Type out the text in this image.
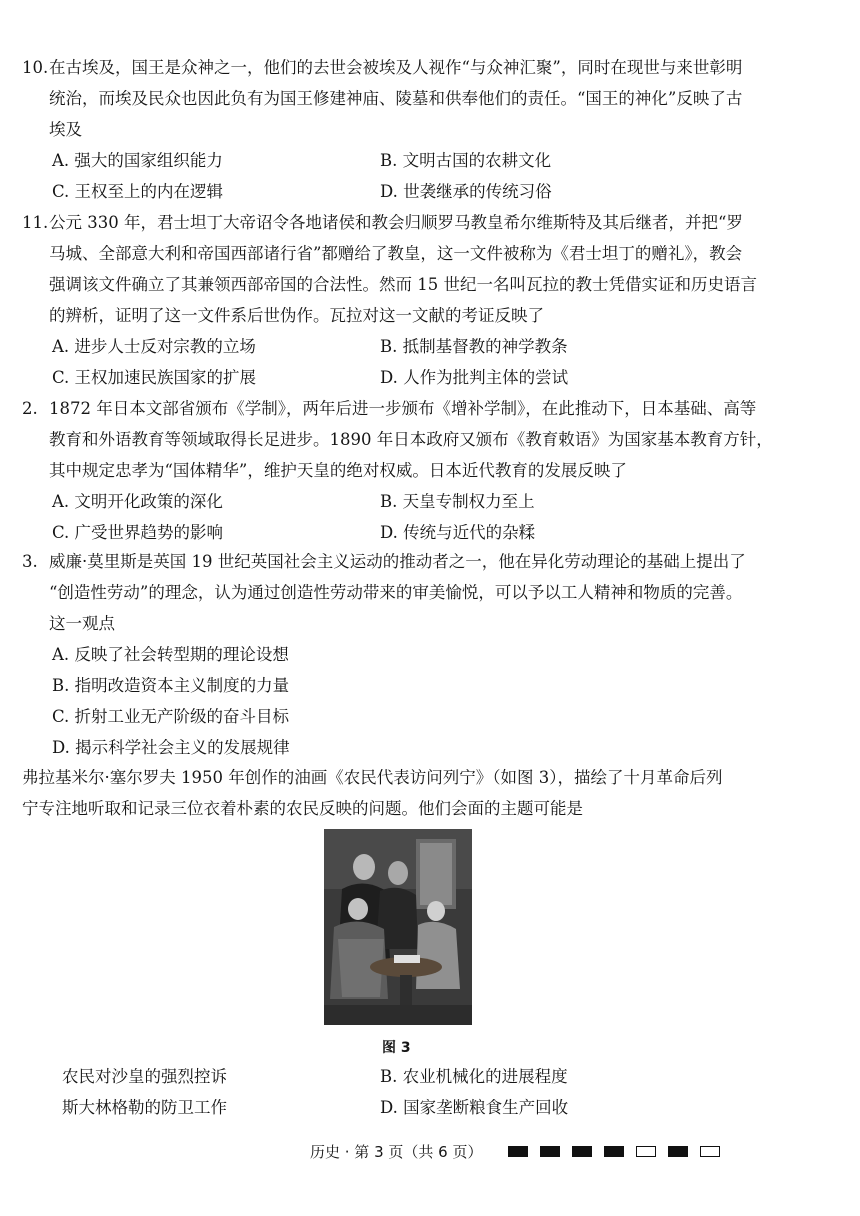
10.在古埃及，国王是众神之一，他们的去世会被埃及人视作“与众神汇聚”，同时在现世与来世彰明
统治，而埃及民众也因此负有为国王修建神庙、陵墓和供奉他们的责任。“国王的神化”反映了古
埃及
A. 强大的国家组织能力	B. 文明古国的农耕文化
C. 王权至上的内在逻辑	D. 世袭继承的传统习俗
11.公元 330 年，君士坦丁大帝诏令各地诸侯和教会归顺罗马教皇希尔维斯特及其后继者，并把“罗
马城、全部意大利和帝国西部诸行省”都赠给了教皇，这一文件被称为《君士坦丁的赠礼》，教会
强调该文件确立了其兼领西部帝国的合法性。然而 15 世纪一名叫瓦拉的教士凭借实证和历史语言
的辨析，证明了这一文件系后世伪作。瓦拉对这一文献的考证反映了
A. 进步人士反对宗教的立场	B. 抵制基督教的神学教条
C. 王权加速民族国家的扩展	D. 人作为批判主体的尝试
2. 1872 年日本文部省颁布《学制》，两年后进一步颁布《增补学制》，在此推动下，日本基础、高等
教育和外语教育等领域取得长足进步。1890 年日本政府又颁布《教育敕语》为国家基本教育方针，
其中规定忠孝为“国体精华”，维护天皇的绝对权威。日本近代教育的发展反映了
A. 文明开化政策的深化	B. 天皇专制权力至上
C. 广受世界趋势的影响	D. 传统与近代的杂糅
3. 威廉·莫里斯是英国 19 世纪英国社会主义运动的推动者之一，他在异化劳动理论的基础上提出了
“创造性劳动”的理念，认为通过创造性劳动带来的审美愉悦，可以予以工人精神和物质的完善。
这一观点
A. 反映了社会转型期的理论设想
B. 指明改造资本主义制度的力量
C. 折射工业无产阶级的奋斗目标
D. 揭示科学社会主义的发展规律
弗拉基米尔·塞尔罗夫 1950 年创作的油画《农民代表访问列宁》（如图 3），描绘了十月革命后列
宁专注地听取和记录三位衣着朴素的农民反映的问题。他们会面的主题可能是
图 3
农民对沙皇的强烈控诉	B. 农业机械化的进展程度
斯大林格勒的防卫工作	D. 国家垄断粮食生产回收
历史 · 第 3 页（共 6 页）
